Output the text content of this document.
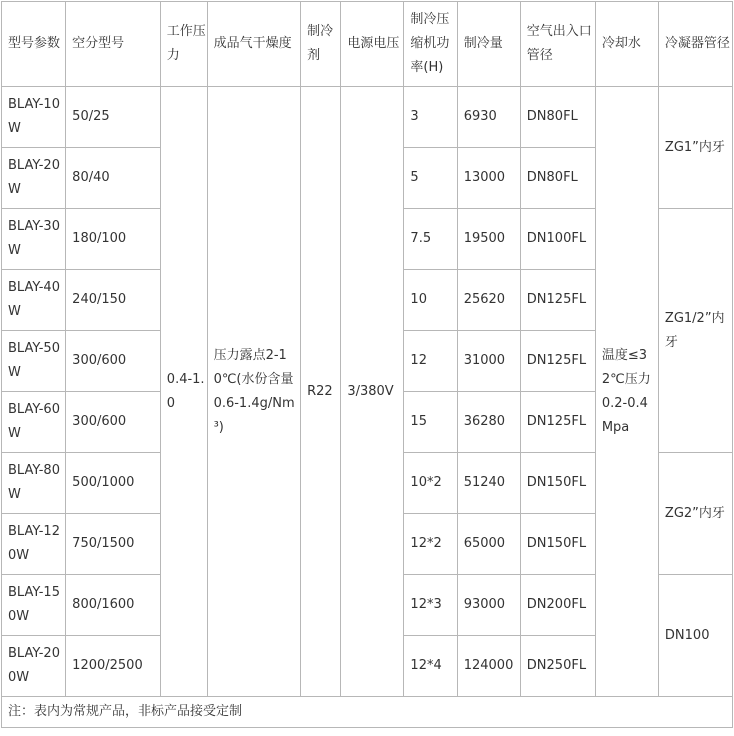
型号参数	空分型号	工作压力	成品气干燥度	制冷剂	电源电压	制冷压缩机功率(H)	制冷量	空气出入口管径	冷却水	冷凝器管径
BLAY-10W	50/25	0.4-1.0	压力露点2-10℃(水份含量0.6-1.4g/Nm³)	R22	3/380V	3	6930	DN80FL	温度≤32℃压力0.2-0.4Mpa	ZG1”内牙
BLAY-20W	80/40					5	13000	DN80FL		
BLAY-30W	180/100					7.5	19500	DN100FL		ZG1/2”内牙
BLAY-40W	240/150					10	25620	DN125FL		
BLAY-50W	300/600					12	31000	DN125FL		
BLAY-60W	300/600					15	36280	DN125FL		
BLAY-80W	500/1000					10*2	51240	DN150FL		ZG2”内牙
BLAY-120W	750/1500					12*2	65000	DN150FL		
BLAY-150W	800/1600					12*3	93000	DN200FL		DN100
BLAY-200W	1200/2500					12*4	124000	DN250FL		
注：表内为常规产品，非标产品接受定制										
